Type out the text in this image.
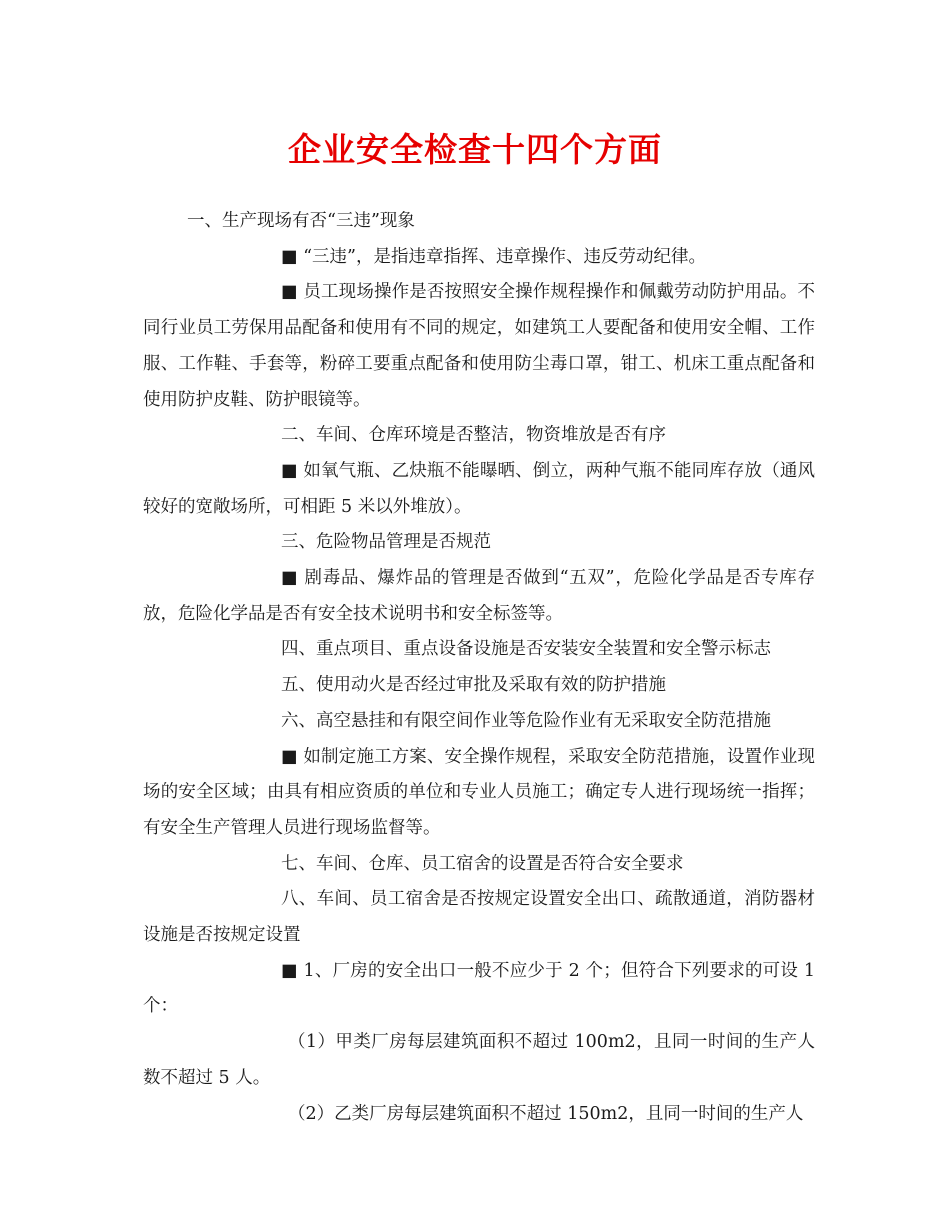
企业安全检查十四个方面

一、生产现场有否“三违”现象

■ “三违”，是指违章指挥、违章操作、违反劳动纪律。

■ 员工现场操作是否按照安全操作规程操作和佩戴劳动防护用品。不同行业员工劳保用品配备和使用有不同的规定，如建筑工人要配备和使用安全帽、工作服、工作鞋、手套等，粉碎工要重点配备和使用防尘毒口罩，钳工、机床工重点配备和使用防护皮鞋、防护眼镜等。

二、车间、仓库环境是否整洁，物资堆放是否有序

■ 如氧气瓶、乙炔瓶不能曝晒、倒立，两种气瓶不能同库存放（通风较好的宽敞场所，可相距 5 米以外堆放）。

三、危险物品管理是否规范

■ 剧毒品、爆炸品的管理是否做到“五双”，危险化学品是否专库存放，危险化学品是否有安全技术说明书和安全标签等。

四、重点项目、重点设备设施是否安装安全装置和安全警示标志

五、使用动火是否经过审批及采取有效的防护措施

六、高空悬挂和有限空间作业等危险作业有无采取安全防范措施

■ 如制定施工方案、安全操作规程，采取安全防范措施，设置作业现场的安全区域；由具有相应资质的单位和专业人员施工；确定专人进行现场统一指挥；有安全生产管理人员进行现场监督等。

七、车间、仓库、员工宿舍的设置是否符合安全要求

八、车间、员工宿舍是否按规定设置安全出口、疏散通道，消防器材设施是否按规定设置

■ 1、厂房的安全出口一般不应少于 2 个；但符合下列要求的可设 1 个：

（1）甲类厂房每层建筑面积不超过 100m2，且同一时间的生产人数不超过 5 人。

（2）乙类厂房每层建筑面积不超过 150m2，且同一时间的生产人
